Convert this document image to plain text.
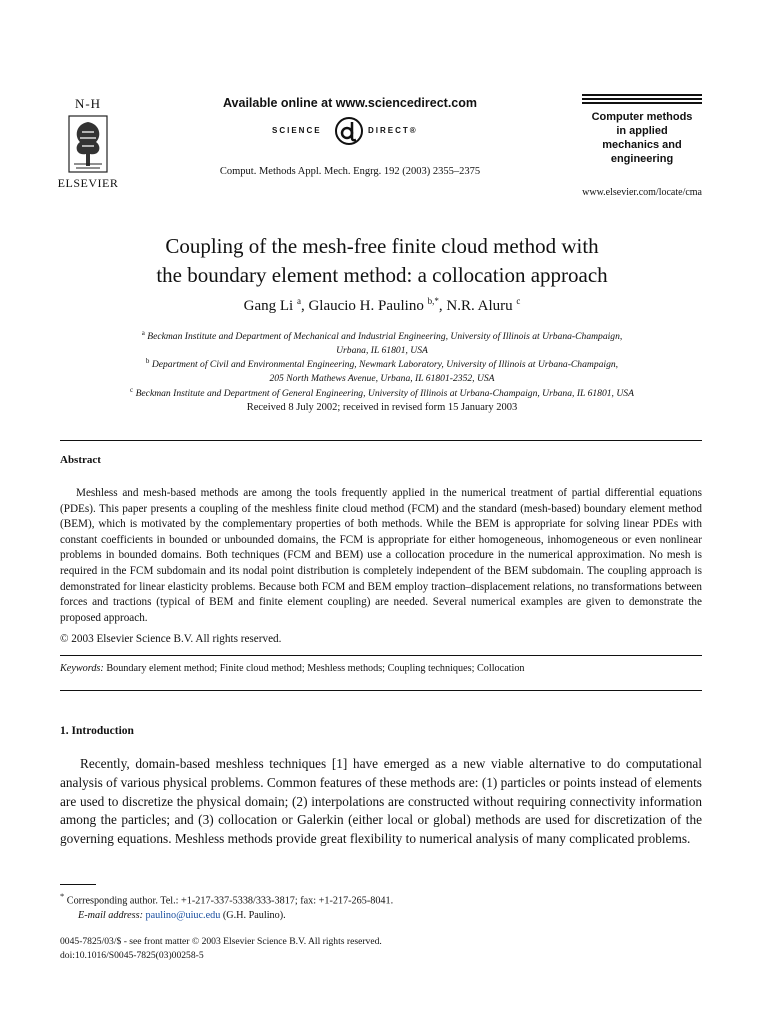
N-H
ELSEVIER
Available online at www.sciencedirect.com
SCIENCE	DIRECT®
Comput. Methods Appl. Mech. Engrg. 192 (2003) 2355–2375
Computer methods
in applied
mechanics and
engineering
www.elsevier.com/locate/cma
Coupling of the mesh-free finite cloud method with
the boundary element method: a collocation approach
Gang Li $^a$, Glaucio H. Paulino $^{b,*}$, N.R. Aluru $^c$
$^a$ Beckman Institute and Department of Mechanical and Industrial Engineering, University of Illinois at Urbana-Champaign,
Urbana, IL 61801, USA
$^b$ Department of Civil and Environmental Engineering, Newmark Laboratory, University of Illinois at Urbana-Champaign,
205 North Mathews Avenue, Urbana, IL 61801-2352, USA
$^c$ Beckman Institute and Department of General Engineering, University of Illinois at Urbana-Champaign, Urbana, IL 61801, USA
Received 8 July 2002; received in revised form 15 January 2003
Abstract
Meshless and mesh-based methods are among the tools frequently applied in the numerical treatment of partial differential equations (PDEs). This paper presents a coupling of the meshless finite cloud method (FCM) and the standard (mesh-based) boundary element method (BEM), which is motivated by the complementary properties of both methods. While the BEM is appropriate for solving linear PDEs with constant coefficients in bounded or unbounded domains, the FCM is appropriate for either homogeneous, inhomogeneous or even nonlinear problems in bounded domains. Both techniques (FCM and BEM) use a collocation procedure in the numerical approximation. No mesh is required in the FCM subdomain and its nodal point distribution is completely independent of the BEM subdomain. The coupling approach is demonstrated for linear elasticity problems. Because both FCM and BEM employ traction–displacement relations, no transformations between forces and tractions (typical of BEM and finite element coupling) are needed. Several numerical examples are given to demonstrate the proposed approach.
© 2003 Elsevier Science B.V. All rights reserved.
Keywords: Boundary element method; Finite cloud method; Meshless methods; Coupling techniques; Collocation
1. Introduction
Recently, domain-based meshless techniques [1] have emerged as a new viable alternative to do computational analysis of various physical problems. Common features of these methods are: (1) particles or points instead of elements are used to discretize the physical domain; (2) interpolations are constructed without requiring connectivity information among the particles; and (3) collocation or Galerkin (either local or global) methods are used for discretization of the governing equations. Meshless methods provide great flexibility to numerical analysis of many complicated problems.
* Corresponding author. Tel.: +1-217-337-5338/333-3817; fax: +1-217-265-8041.
E-mail address: paulino@uiuc.edu (G.H. Paulino).
0045-7825/03/$ - see front matter © 2003 Elsevier Science B.V. All rights reserved.
doi:10.1016/S0045-7825(03)00258-5
